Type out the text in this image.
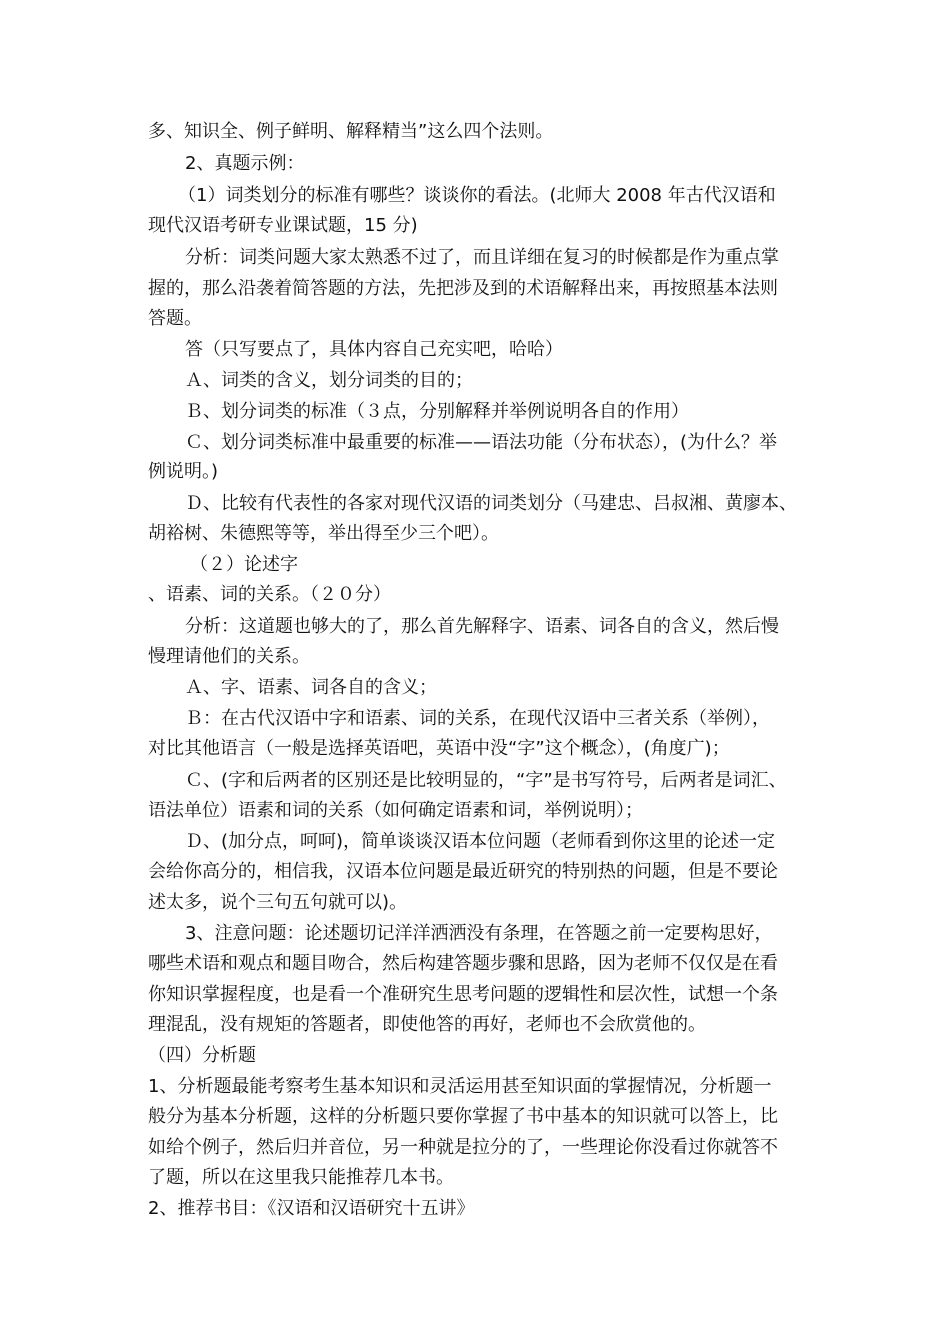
多、知识全、例子鲜明、解释精当”这么四个法则。
2、真题示例：
（1）词类划分的标准有哪些？谈谈你的看法。(北师大 2008 年古代汉语和
现代汉语考研专业课试题，15 分)
分析：词类问题大家太熟悉不过了，而且详细在复习的时候都是作为重点掌
握的，那么沿袭着简答题的方法，先把涉及到的术语解释出来，再按照基本法则
答题。
答（只写要点了，具体内容自己充实吧，哈哈）
Ａ、词类的含义，划分词类的目的；
Ｂ、划分词类的标准（３点，分别解释并举例说明各自的作用）
Ｃ、划分词类标准中最重要的标准——语法功能（分布状态），(为什么？举
例说明。)
Ｄ、比较有代表性的各家对现代汉语的词类划分（马建忠、吕叔湘、黄廖本、
胡裕树、朱德熙等等，举出得至少三个吧）。
（２）论述字
、语素、词的关系。（２０分）
分析：这道题也够大的了，那么首先解释字、语素、词各自的含义，然后慢
慢理请他们的关系。
Ａ、字、语素、词各自的含义；
Ｂ：在古代汉语中字和语素、词的关系，在现代汉语中三者关系（举例），
对比其他语言（一般是选择英语吧，英语中没“字”这个概念），(角度广)；
Ｃ、(字和后两者的区别还是比较明显的，“字”是书写符号，后两者是词汇、
语法单位）语素和词的关系（如何确定语素和词，举例说明）；
Ｄ、(加分点，呵呵)，简单谈谈汉语本位问题（老师看到你这里的论述一定
会给你高分的，相信我，汉语本位问题是最近研究的特别热的问题，但是不要论
述太多，说个三句五句就可以)。
3、注意问题：论述题切记洋洋洒洒没有条理，在答题之前一定要构思好，
哪些术语和观点和题目吻合，然后构建答题步骤和思路，因为老师不仅仅是在看
你知识掌握程度，也是看一个准研究生思考问题的逻辑性和层次性，试想一个条
理混乱，没有规矩的答题者，即使他答的再好，老师也不会欣赏他的。
（四）分析题
1、分析题最能考察考生基本知识和灵活运用甚至知识面的掌握情况，分析题一
般分为基本分析题，这样的分析题只要你掌握了书中基本的知识就可以答上，比
如给个例子，然后归并音位，另一种就是拉分的了，一些理论你没看过你就答不
了题，所以在这里我只能推荐几本书。
2、推荐书目：《汉语和汉语研究十五讲》
